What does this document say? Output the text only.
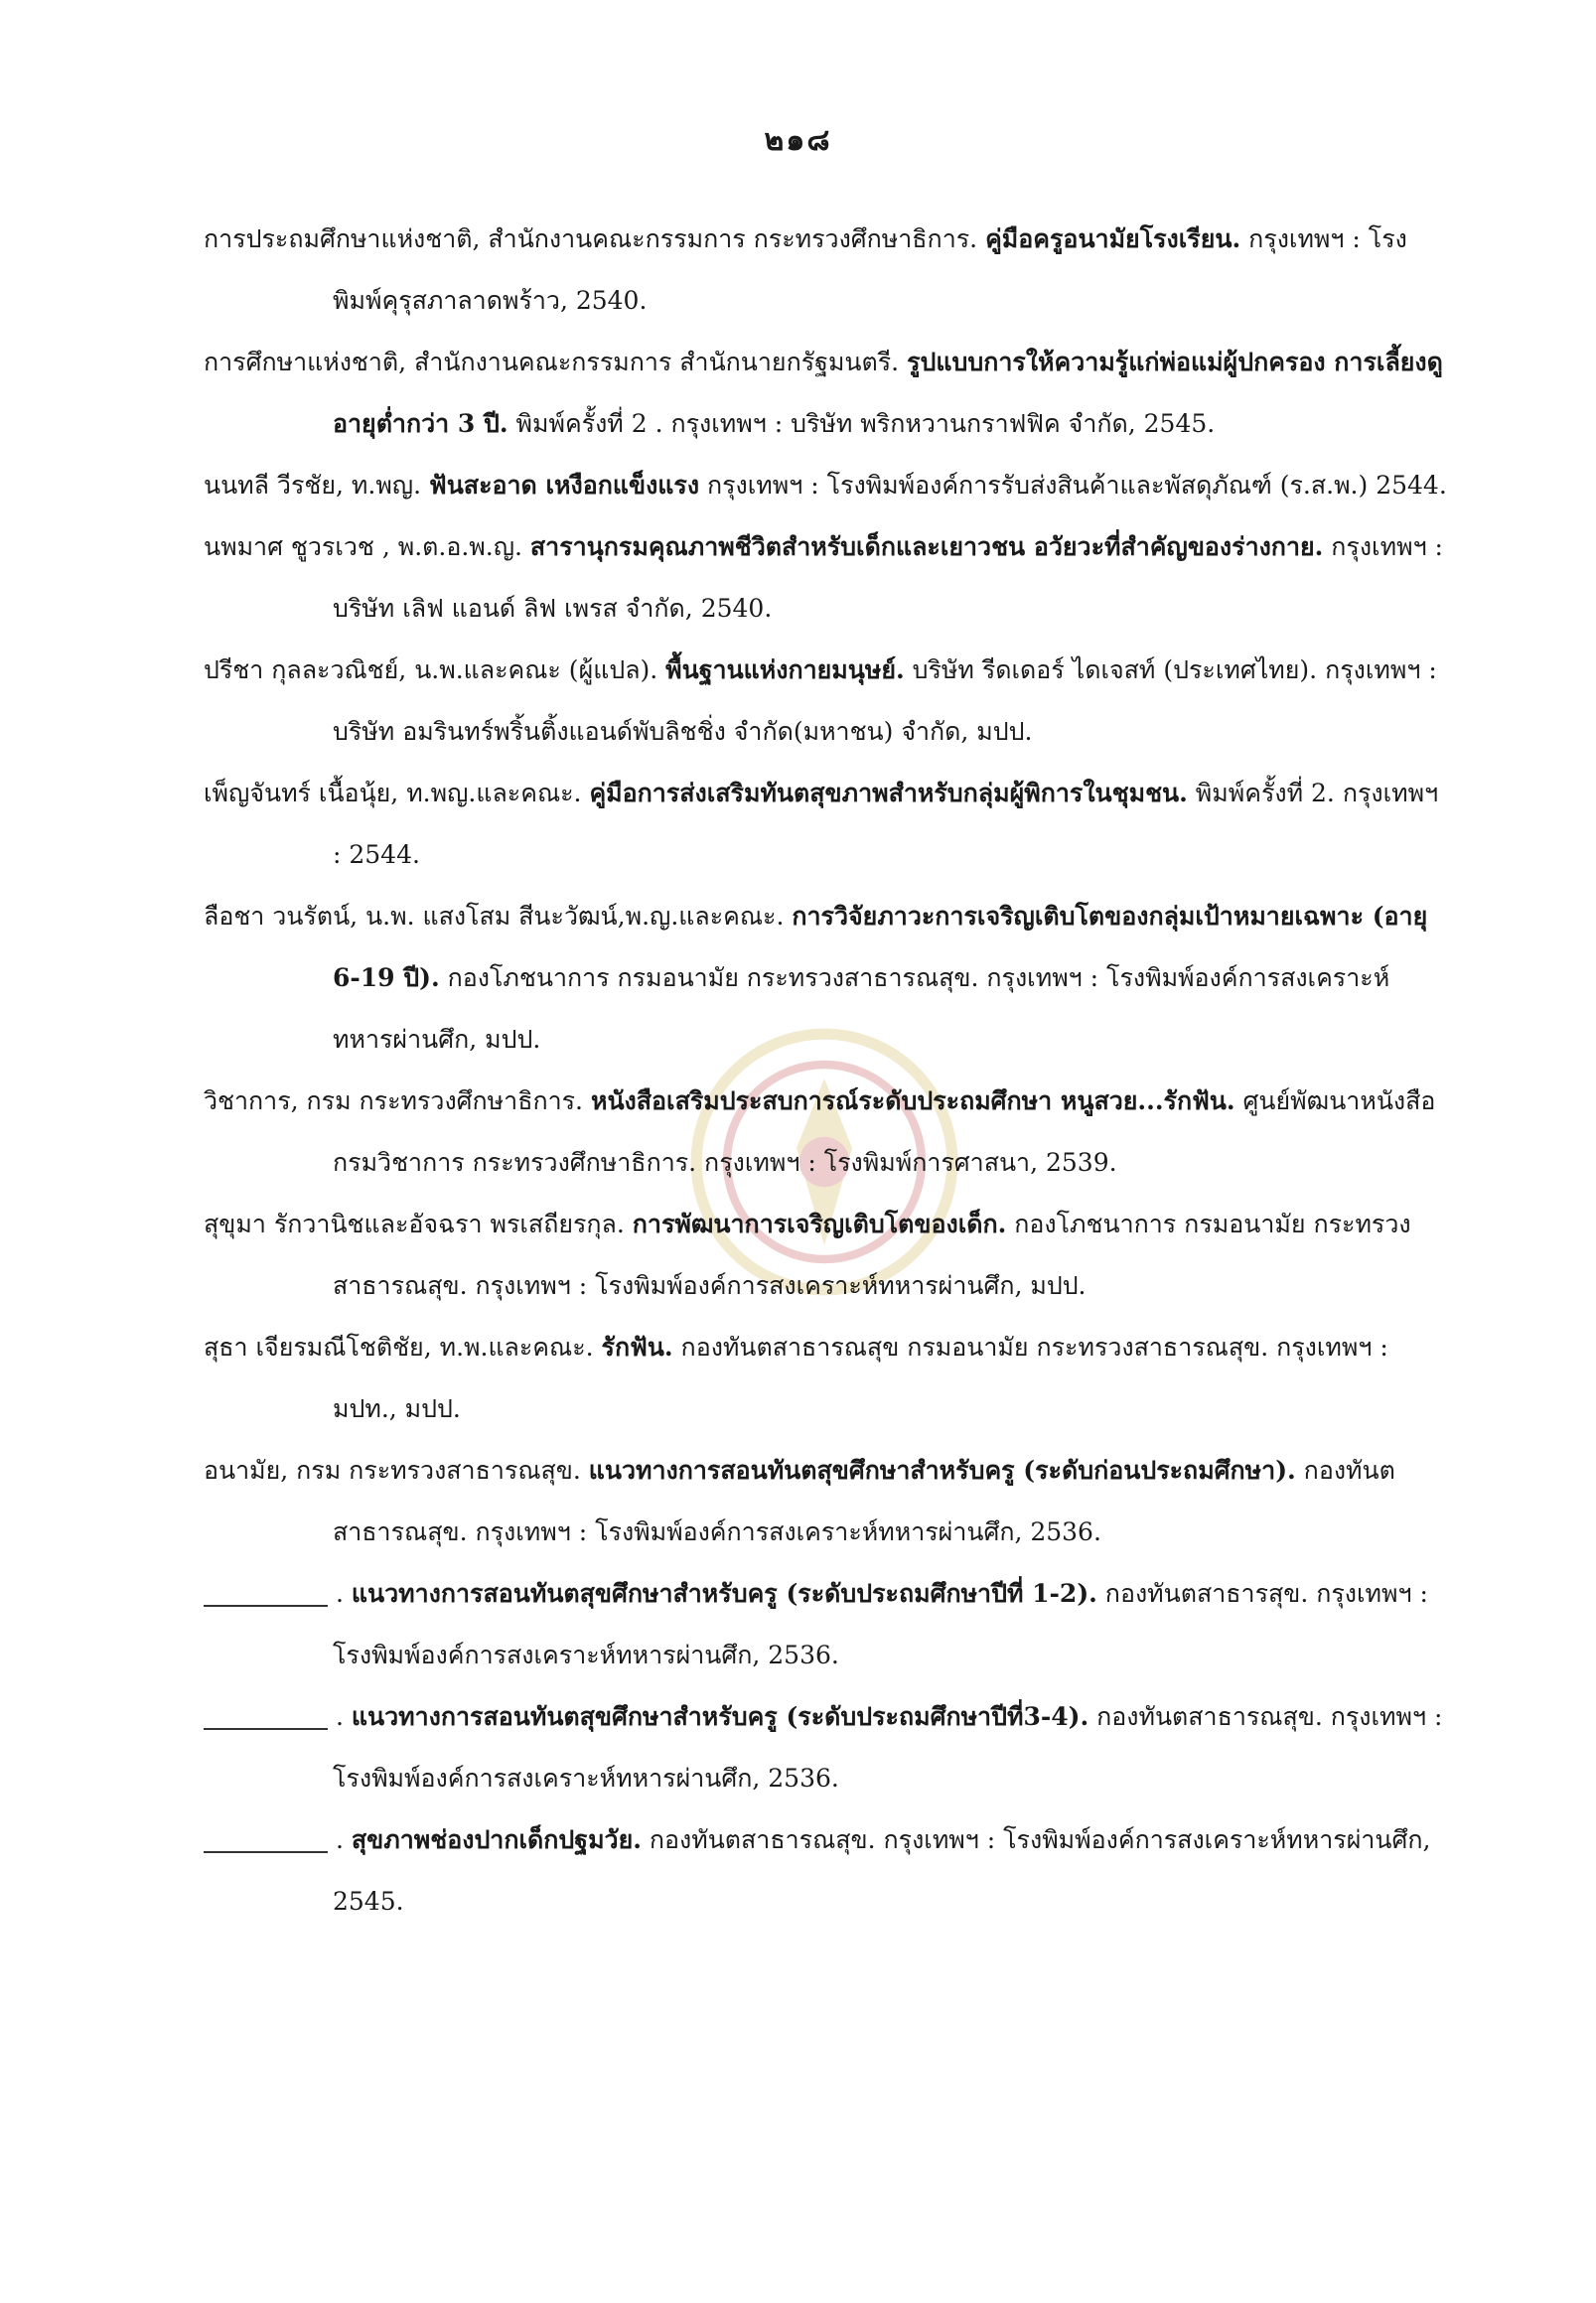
๒๑๘
การประถมศึกษาแห่งชาติ, สำนักงานคณะกรรมการ กระทรวงศึกษาธิการ. คู่มือครูอนามัยโรงเรียน. กรุงเทพฯ : โรงพิมพ์คุรุสภาลาดพร้าว, 2540.
การศึกษาแห่งชาติ, สำนักงานคณะกรรมการ สำนักนายกรัฐมนตรี. รูปแบบการให้ความรู้แก่พ่อแม่ผู้ปกครอง การเลี้ยงดูอายุต่ำกว่า 3 ปี. พิมพ์ครั้งที่ 2 . กรุงเทพฯ : บริษัท พริกหวานกราฟฟิค จำกัด, 2545.
นนทลี วีรชัย, ท.พญ. ฟันสะอาด เหงือกแข็งแรง กรุงเทพฯ : โรงพิมพ์องค์การรับส่งสินค้าและพัสดุภัณฑ์ (ร.ส.พ.) 2544.
นพมาศ ชูวรเวช , พ.ต.อ.พ.ญ. สารานุกรมคุณภาพชีวิตสำหรับเด็กและเยาวชน อวัยวะที่สำคัญของร่างกาย. กรุงเทพฯ : บริษัท เลิฟ แอนด์ ลิฟ เพรส จำกัด, 2540.
ปรีชา กุลละวณิชย์, น.พ.และคณะ (ผู้แปล). พื้นฐานแห่งกายมนุษย์. บริษัท รีดเดอร์ ไดเจสท์ (ประเทศไทย). กรุงเทพฯ : บริษัท อมรินทร์พริ้นติ้งแอนด์พับลิชชิ่ง จำกัด(มหาชน) จำกัด, มปป.
เพ็ญจันทร์ เนื้อนุ้ย, ท.พญ.และคณะ. คู่มือการส่งเสริมทันตสุขภาพสำหรับกลุ่มผู้พิการในชุมชน. พิมพ์ครั้งที่ 2. กรุงเทพฯ : 2544.
ลือชา วนรัตน์, น.พ. แสงโสม สีนะวัฒน์,พ.ญ.และคณะ. การวิจัยภาวะการเจริญเติบโตของกลุ่มเป้าหมายเฉพาะ (อายุ 6-19 ปี). กองโภชนาการ กรมอนามัย กระทรวงสาธารณสุข. กรุงเทพฯ : โรงพิมพ์องค์การสงเคราะห์ทหารผ่านศึก, มปป.
วิชาการ, กรม กระทรวงศึกษาธิการ. หนังสือเสริมประสบการณ์ระดับประถมศึกษา หนูสวย...รักฟัน. ศูนย์พัฒนาหนังสือ กรมวิชาการ กระทรวงศึกษาธิการ. กรุงเทพฯ : โรงพิมพ์การศาสนา, 2539.
สุขุมา รักวานิชและอัจฉรา พรเสถียรกุล. การพัฒนาการเจริญเติบโตของเด็ก. กองโภชนาการ กรมอนามัย กระทรวงสาธารณสุข. กรุงเทพฯ : โรงพิมพ์องค์การสงเคราะห์ทหารผ่านศึก, มปป.
สุธา เจียรมณีโชติชัย, ท.พ.และคณะ. รักฟัน. กองทันตสาธารณสุข กรมอนามัย กระทรวงสาธารณสุข. กรุงเทพฯ : มปท., มปป.
อนามัย, กรม กระทรวงสาธารณสุข. แนวทางการสอนทันตสุขศึกษาสำหรับครู (ระดับก่อนประถมศึกษา). กองทันตสาธารณสุข. กรุงเทพฯ : โรงพิมพ์องค์การสงเคราะห์ทหารผ่านศึก, 2536.
. แนวทางการสอนทันตสุขศึกษาสำหรับครู (ระดับประถมศึกษาปีที่ 1-2). กองทันตสาธารสุข. กรุงเทพฯ : โรงพิมพ์องค์การสงเคราะห์ทหารผ่านศึก, 2536.
. แนวทางการสอนทันตสุขศึกษาสำหรับครู (ระดับประถมศึกษาปีที่3-4). กองทันตสาธารณสุข. กรุงเทพฯ : โรงพิมพ์องค์การสงเคราะห์ทหารผ่านศึก, 2536.
. สุขภาพช่องปากเด็กปฐมวัย. กองทันตสาธารณสุข. กรุงเทพฯ : โรงพิมพ์องค์การสงเคราะห์ทหารผ่านศึก, 2545.
